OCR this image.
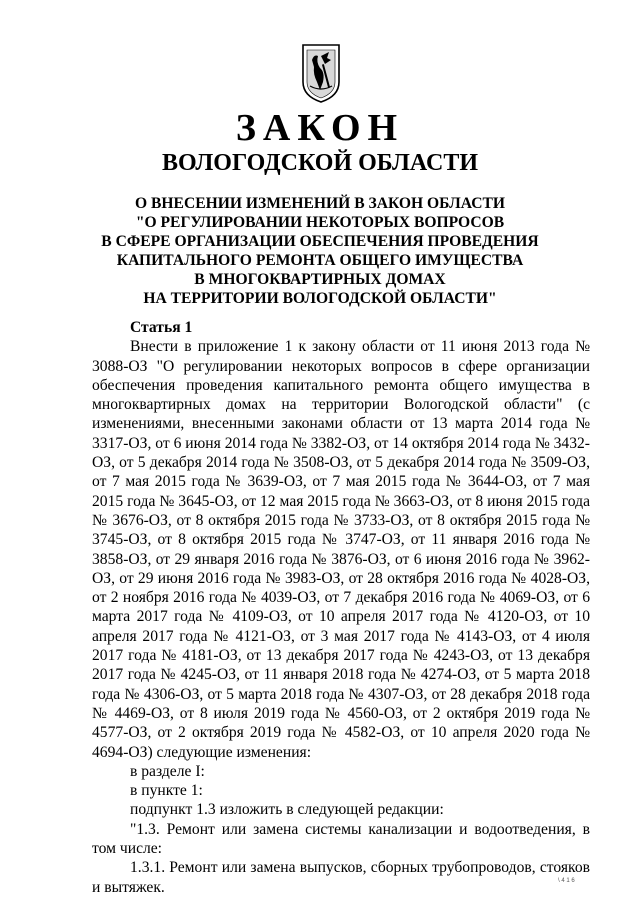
ЗАКОН
ВОЛОГОДСКОЙ ОБЛАСТИ
О ВНЕСЕНИИ ИЗМЕНЕНИЙ В ЗАКОН ОБЛАСТИ
"О РЕГУЛИРОВАНИИ НЕКОТОРЫХ ВОПРОСОВ
В СФЕРЕ ОРГАНИЗАЦИИ ОБЕСПЕЧЕНИЯ ПРОВЕДЕНИЯ
КАПИТАЛЬНОГО РЕМОНТА ОБЩЕГО ИМУЩЕСТВА
В МНОГОКВАРТИРНЫХ ДОМАХ
НА ТЕРРИТОРИИ ВОЛОГОДСКОЙ ОБЛАСТИ"
Статья 1
Внести в приложение 1 к закону области от 11 июня 2013 года № 3088-ОЗ "О регулировании некоторых вопросов в сфере организации обеспечения проведения капитального ремонта общего имущества в многоквартирных домах на территории Вологодской области" (с изменениями, внесенными законами области от 13 марта 2014 года № 3317-ОЗ, от 6 июня 2014 года № 3382-ОЗ, от 14 октября 2014 года № 3432-ОЗ, от 5 декабря 2014 года № 3508-ОЗ, от 5 декабря 2014 года № 3509-ОЗ, от 7 мая 2015 года № 3639-ОЗ, от 7 мая 2015 года № 3644-ОЗ, от 7 мая 2015 года № 3645-ОЗ, от 12 мая 2015 года № 3663-ОЗ, от 8 июня 2015 года № 3676-ОЗ, от 8 октября 2015 года № 3733-ОЗ, от 8 октября 2015 года № 3745-ОЗ, от 8 октября 2015 года № 3747-ОЗ, от 11 января 2016 года № 3858-ОЗ, от 29 января 2016 года № 3876-ОЗ, от 6 июня 2016 года № 3962-ОЗ, от 29 июня 2016 года № 3983-ОЗ, от 28 октября 2016 года № 4028-ОЗ, от 2 ноября 2016 года № 4039-ОЗ, от 7 декабря 2016 года № 4069-ОЗ, от 6 марта 2017 года № 4109-ОЗ, от 10 апреля 2017 года № 4120-ОЗ, от 10 апреля 2017 года № 4121-ОЗ, от 3 мая 2017 года № 4143-ОЗ, от 4 июля 2017 года № 4181-ОЗ, от 13 декабря 2017 года № 4243-ОЗ, от 13 декабря 2017 года № 4245-ОЗ, от 11 января 2018 года № 4274-ОЗ, от 5 марта 2018 года № 4306-ОЗ, от 5 марта 2018 года № 4307-ОЗ, от 28 декабря 2018 года № 4469-ОЗ, от 8 июля 2019 года № 4560-ОЗ, от 2 октября 2019 года № 4577-ОЗ, от 2 октября 2019 года № 4582-ОЗ, от 10 апреля 2020 года № 4694-ОЗ) следующие изменения:
в разделе I:
в пункте 1:
подпункт 1.3 изложить в следующей редакции:
"1.3. Ремонт или замена системы канализации и водоотведения, в том числе:
1.3.1. Ремонт или замена выпусков, сборных трубопроводов, стояков и вытяжек.	\ 4 1 6
